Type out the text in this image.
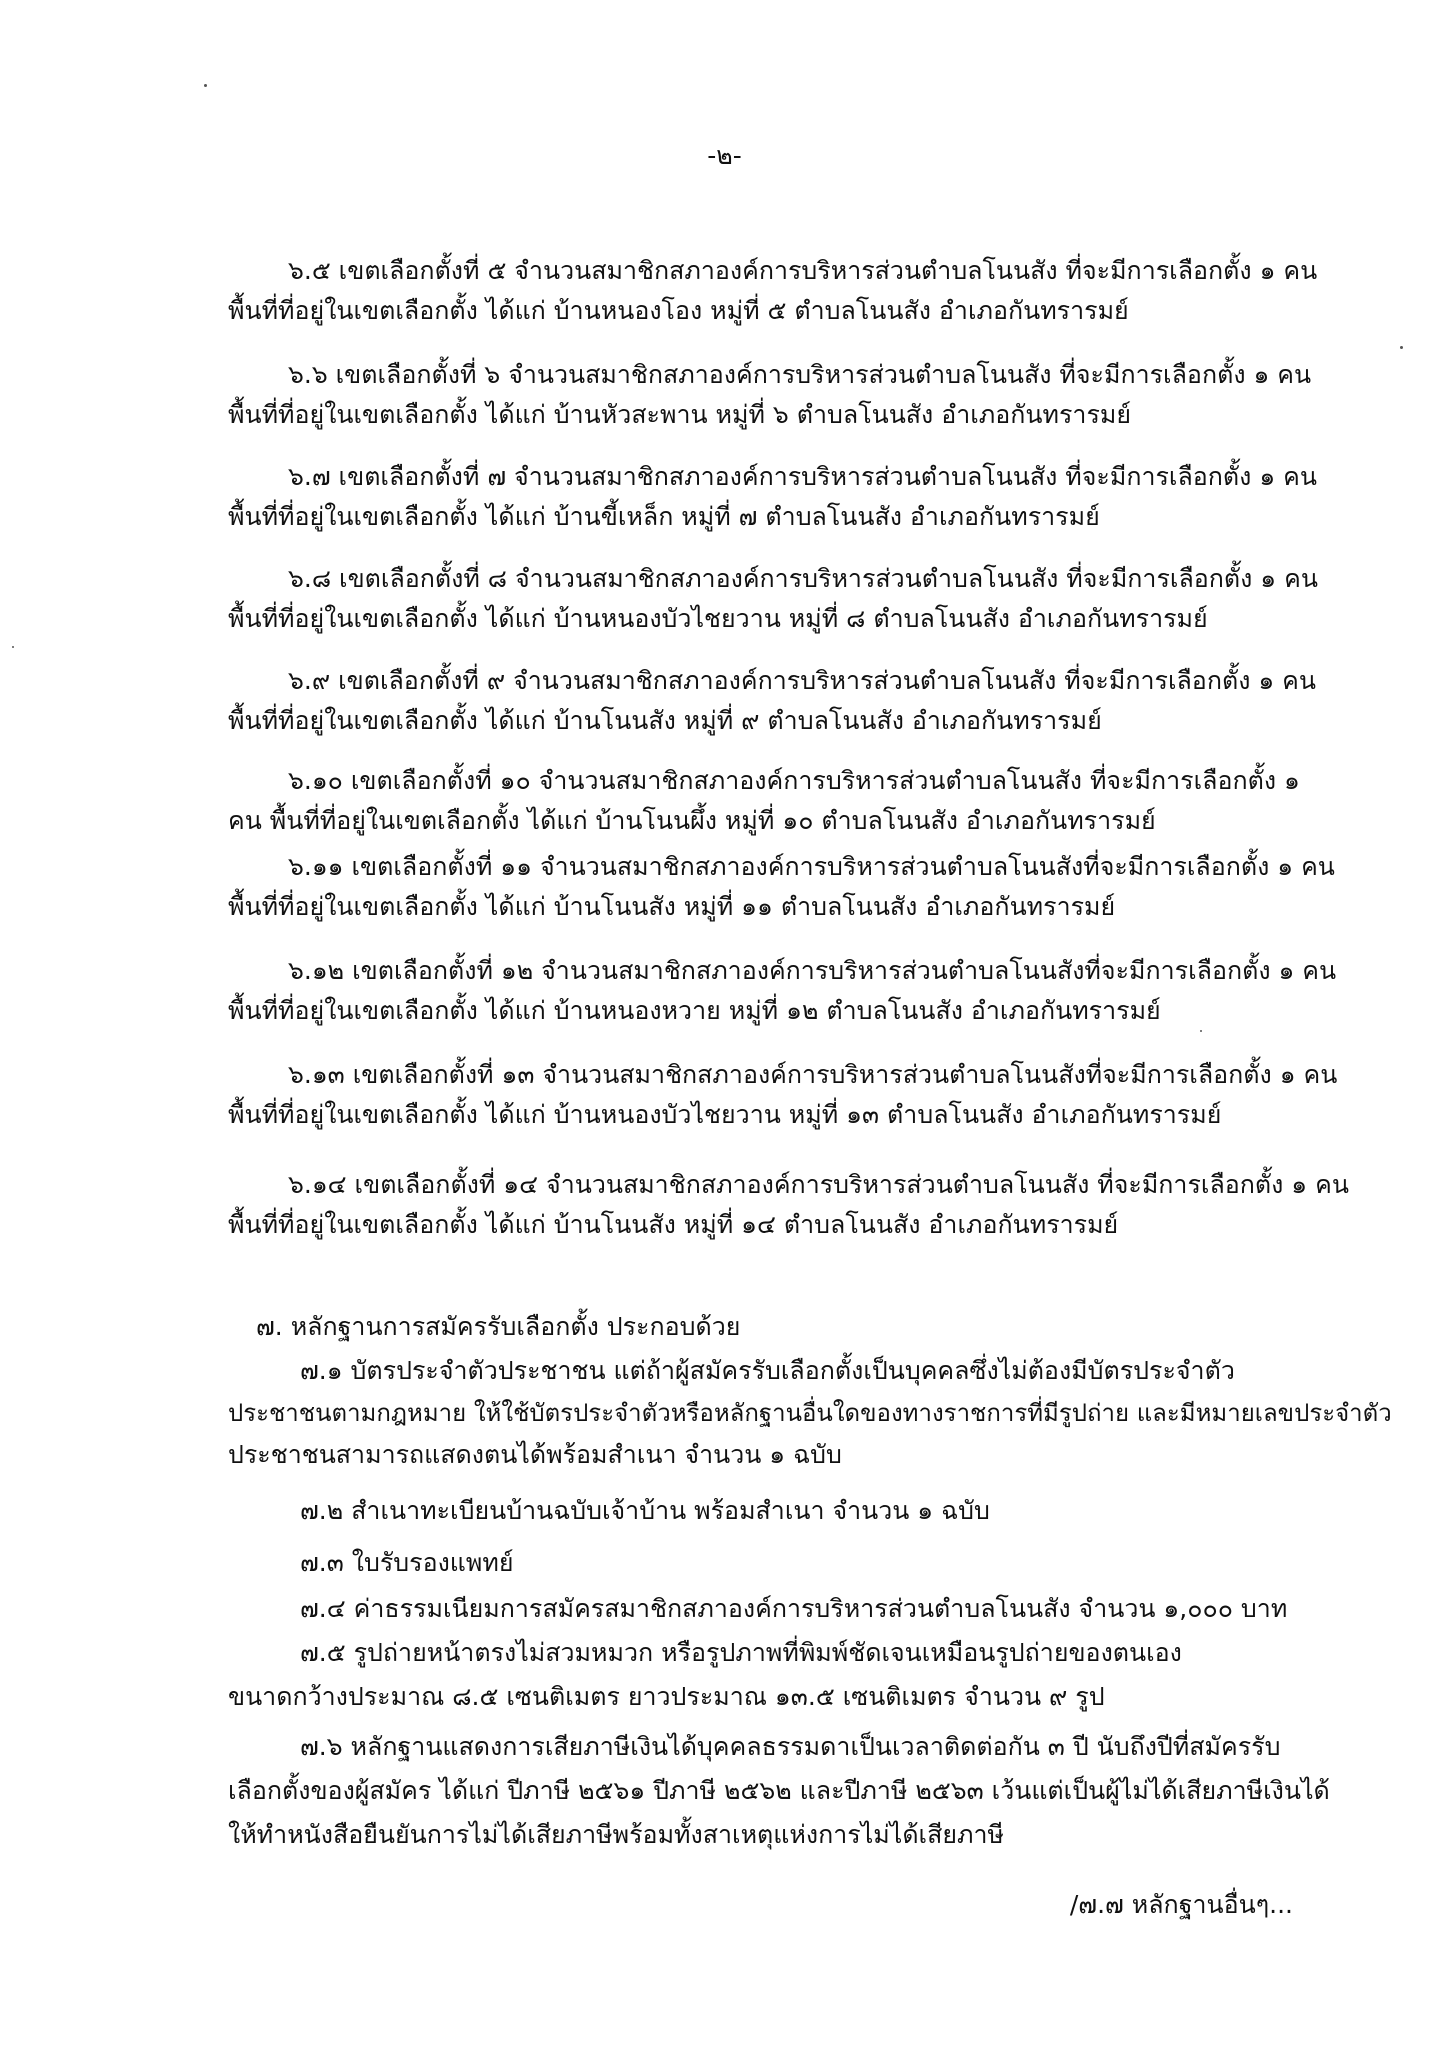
-๒-
๖.๕ เขตเลือกตั้งที่ ๕ จำนวนสมาชิกสภาองค์การบริหารส่วนตำบลโนนสัง ที่จะมีการเลือกตั้ง ๑ คน
พื้นที่ที่อยู่ในเขตเลือกตั้ง ได้แก่ บ้านหนองโอง หมู่ที่ ๕ ตำบลโนนสัง อำเภอกันทรารมย์
๖.๖ เขตเลือกตั้งที่ ๖ จำนวนสมาชิกสภาองค์การบริหารส่วนตำบลโนนสัง ที่จะมีการเลือกตั้ง ๑ คน
พื้นที่ที่อยู่ในเขตเลือกตั้ง ได้แก่ บ้านหัวสะพาน หมู่ที่ ๖ ตำบลโนนสัง อำเภอกันทรารมย์
๖.๗ เขตเลือกตั้งที่ ๗ จำนวนสมาชิกสภาองค์การบริหารส่วนตำบลโนนสัง ที่จะมีการเลือกตั้ง ๑ คน
พื้นที่ที่อยู่ในเขตเลือกตั้ง ได้แก่ บ้านขี้เหล็ก หมู่ที่ ๗ ตำบลโนนสัง อำเภอกันทรารมย์
๖.๘ เขตเลือกตั้งที่ ๘ จำนวนสมาชิกสภาองค์การบริหารส่วนตำบลโนนสัง ที่จะมีการเลือกตั้ง ๑ คน
พื้นที่ที่อยู่ในเขตเลือกตั้ง ได้แก่ บ้านหนองบัวไชยวาน หมู่ที่ ๘ ตำบลโนนสัง อำเภอกันทรารมย์
๖.๙ เขตเลือกตั้งที่ ๙ จำนวนสมาชิกสภาองค์การบริหารส่วนตำบลโนนสัง ที่จะมีการเลือกตั้ง ๑ คน
พื้นที่ที่อยู่ในเขตเลือกตั้ง ได้แก่ บ้านโนนสัง หมู่ที่ ๙ ตำบลโนนสัง อำเภอกันทรารมย์
๖.๑๐ เขตเลือกตั้งที่ ๑๐ จำนวนสมาชิกสภาองค์การบริหารส่วนตำบลโนนสัง ที่จะมีการเลือกตั้ง ๑
คน พื้นที่ที่อยู่ในเขตเลือกตั้ง ได้แก่ บ้านโนนผึ้ง หมู่ที่ ๑๐ ตำบลโนนสัง อำเภอกันทรารมย์
๖.๑๑ เขตเลือกตั้งที่ ๑๑ จำนวนสมาชิกสภาองค์การบริหารส่วนตำบลโนนสังที่จะมีการเลือกตั้ง ๑ คน
พื้นที่ที่อยู่ในเขตเลือกตั้ง ได้แก่ บ้านโนนสัง หมู่ที่ ๑๑ ตำบลโนนสัง อำเภอกันทรารมย์
๖.๑๒ เขตเลือกตั้งที่ ๑๒ จำนวนสมาชิกสภาองค์การบริหารส่วนตำบลโนนสังที่จะมีการเลือกตั้ง ๑ คน
พื้นที่ที่อยู่ในเขตเลือกตั้ง ได้แก่ บ้านหนองหวาย หมู่ที่ ๑๒ ตำบลโนนสัง อำเภอกันทรารมย์
๖.๑๓ เขตเลือกตั้งที่ ๑๓ จำนวนสมาชิกสภาองค์การบริหารส่วนตำบลโนนสังที่จะมีการเลือกตั้ง ๑ คน
พื้นที่ที่อยู่ในเขตเลือกตั้ง ได้แก่ บ้านหนองบัวไชยวาน หมู่ที่ ๑๓ ตำบลโนนสัง อำเภอกันทรารมย์
๖.๑๔ เขตเลือกตั้งที่ ๑๔ จำนวนสมาชิกสภาองค์การบริหารส่วนตำบลโนนสัง ที่จะมีการเลือกตั้ง ๑ คน
พื้นที่ที่อยู่ในเขตเลือกตั้ง ได้แก่ บ้านโนนสัง หมู่ที่ ๑๔ ตำบลโนนสัง อำเภอกันทรารมย์
๗. หลักฐานการสมัครรับเลือกตั้ง ประกอบด้วย
๗.๑ บัตรประจำตัวประชาชน แต่ถ้าผู้สมัครรับเลือกตั้งเป็นบุคคลซึ่งไม่ต้องมีบัตรประจำตัว
ประชาชนตามกฎหมาย ให้ใช้บัตรประจำตัวหรือหลักฐานอื่นใดของทางราชการที่มีรูปถ่าย และมีหมายเลขประจำตัว
ประชาชนสามารถแสดงตนได้พร้อมสำเนา จำนวน ๑ ฉบับ
๗.๒ สำเนาทะเบียนบ้านฉบับเจ้าบ้าน พร้อมสำเนา จำนวน ๑ ฉบับ
๗.๓ ใบรับรองแพทย์
๗.๔ ค่าธรรมเนียมการสมัครสมาชิกสภาองค์การบริหารส่วนตำบลโนนสัง จำนวน ๑,๐๐๐ บาท
๗.๕ รูปถ่ายหน้าตรงไม่สวมหมวก หรือรูปภาพที่พิมพ์ชัดเจนเหมือนรูปถ่ายของตนเอง
ขนาดกว้างประมาณ ๘.๕ เซนติเมตร ยาวประมาณ ๑๓.๕ เซนติเมตร จำนวน ๙ รูป
๗.๖ หลักฐานแสดงการเสียภาษีเงินได้บุคคลธรรมดาเป็นเวลาติดต่อกัน ๓ ปี นับถึงปีที่สมัครรับ
เลือกตั้งของผู้สมัคร ได้แก่ ปีภาษี ๒๕๖๑ ปีภาษี ๒๕๖๒ และปีภาษี ๒๕๖๓ เว้นแต่เป็นผู้ไม่ได้เสียภาษีเงินได้
ให้ทำหนังสือยืนยันการไม่ได้เสียภาษีพร้อมทั้งสาเหตุแห่งการไม่ได้เสียภาษี
/๗.๗ หลักฐานอื่นๆ...
